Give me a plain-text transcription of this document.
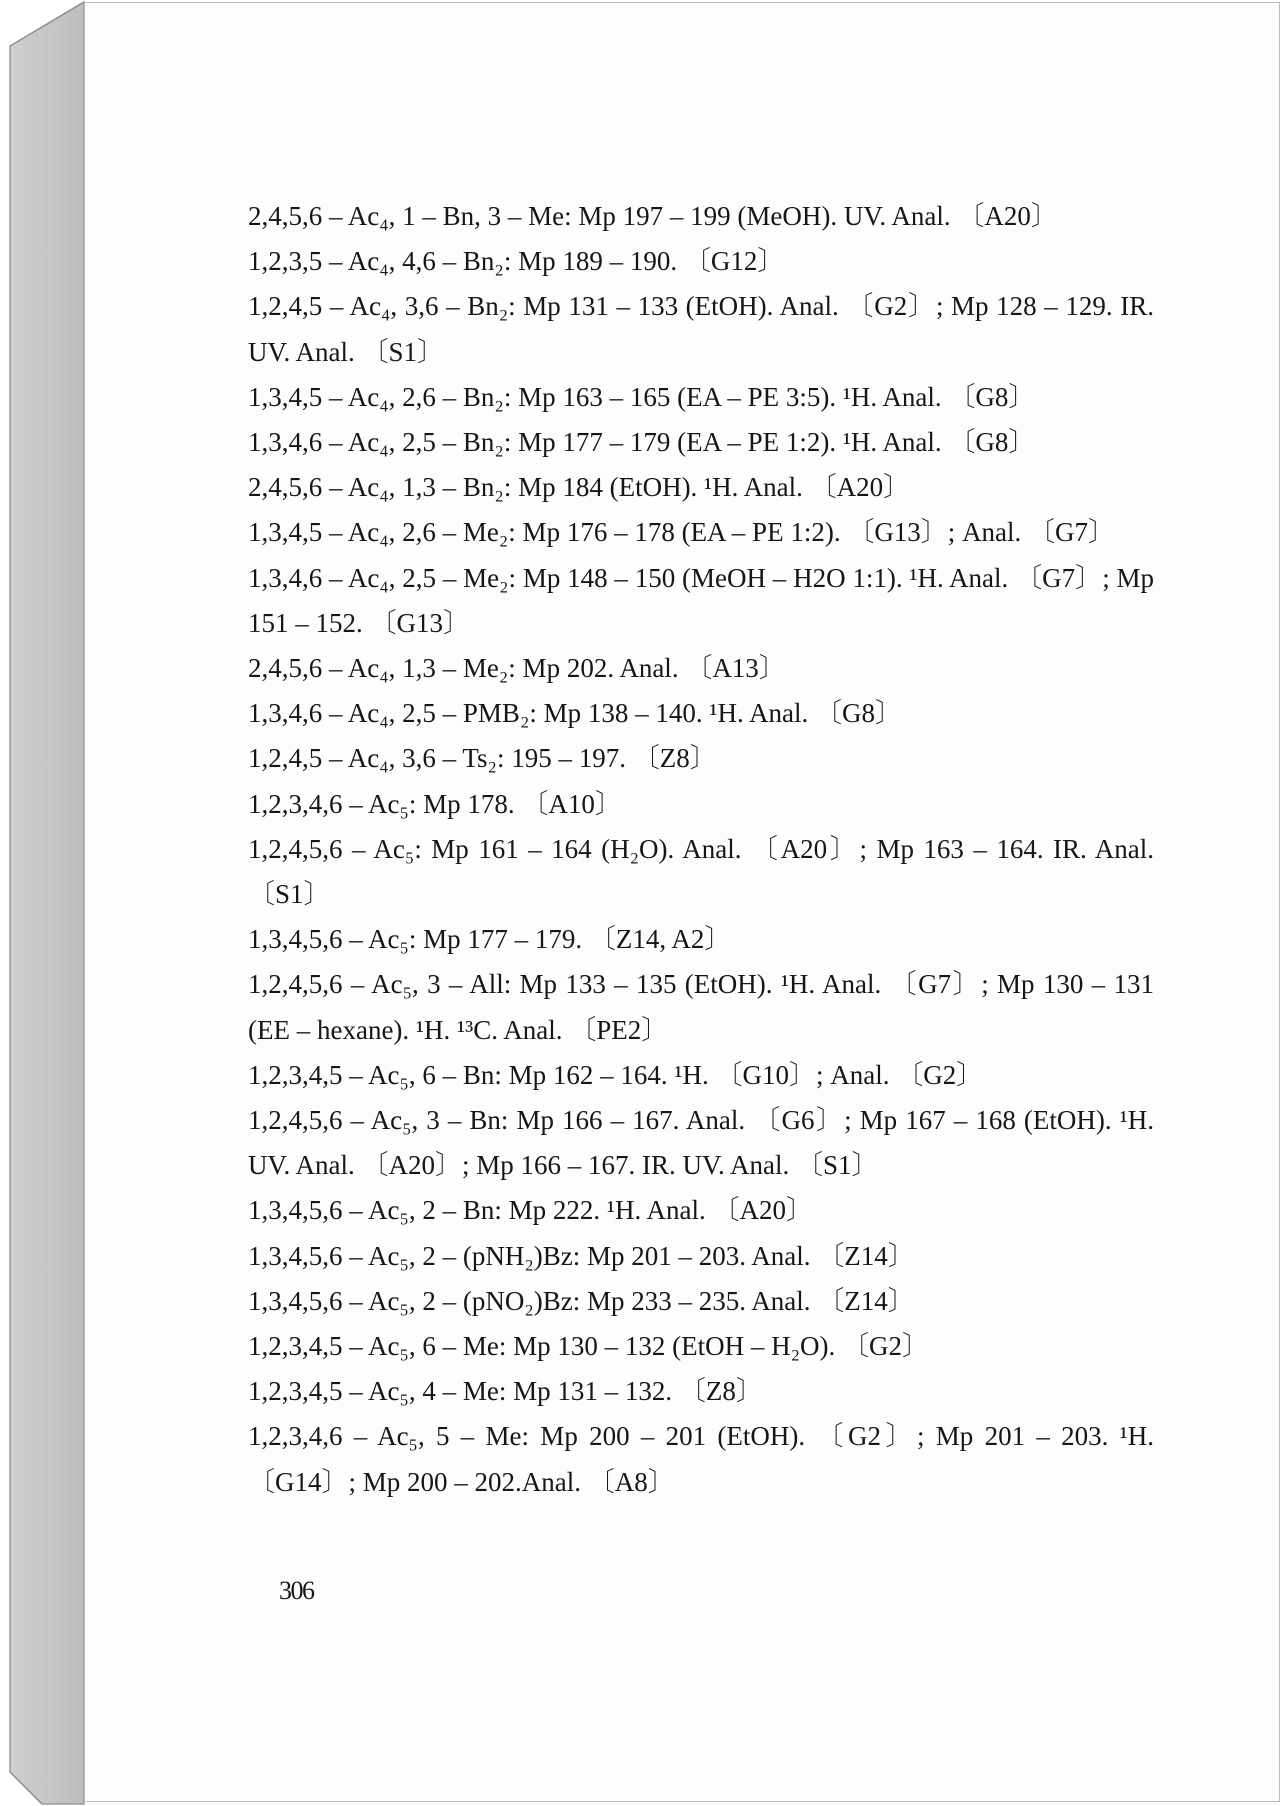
2,4,5,6 – Ac₄, 1 – Bn, 3 – Me: Mp 197 – 199 (MeOH). UV. Anal. 〔A20〕
1,2,3,5 – Ac₄, 4,6 – Bn₂: Mp 189 – 190. 〔G12〕
1,2,4,5 – Ac₄, 3,6 – Bn₂: Mp 131 – 133 (EtOH). Anal. 〔G2〕; Mp 128 – 129. IR. UV. Anal. 〔S1〕
1,3,4,5 – Ac₄, 2,6 – Bn₂: Mp 163 – 165 (EA – PE 3:5). ¹H. Anal. 〔G8〕
1,3,4,6 – Ac₄, 2,5 – Bn₂: Mp 177 – 179 (EA – PE 1:2). ¹H. Anal. 〔G8〕
2,4,5,6 – Ac₄, 1,3 – Bn₂: Mp 184 (EtOH). ¹H. Anal. 〔A20〕
1,3,4,5 – Ac₄, 2,6 – Me₂: Mp 176 – 178 (EA – PE 1:2). 〔G13〕; Anal. 〔G7〕
1,3,4,6 – Ac₄, 2,5 – Me₂: Mp 148 – 150 (MeOH – H2O 1:1). ¹H. Anal. 〔G7〕; Mp 151 – 152. 〔G13〕
2,4,5,6 – Ac₄, 1,3 – Me₂: Mp 202. Anal. 〔A13〕
1,3,4,6 – Ac₄, 2,5 – PMB₂: Mp 138 – 140. ¹H. Anal. 〔G8〕
1,2,4,5 – Ac₄, 3,6 – Ts₂: 195 – 197. 〔Z8〕
1,2,3,4,6 – Ac₅: Mp 178. 〔A10〕
1,2,4,5,6 – Ac₅: Mp 161 – 164 (H₂O). Anal. 〔A20〕; Mp 163 – 164. IR. Anal. 〔S1〕
1,3,4,5,6 – Ac₅: Mp 177 – 179. 〔Z14, A2〕
1,2,4,5,6 – Ac₅, 3 – All: Mp 133 – 135 (EtOH). ¹H. Anal. 〔G7〕; Mp 130 – 131 (EE – hexane). ¹H. ¹³C. Anal. 〔PE2〕
1,2,3,4,5 – Ac₅, 6 – Bn: Mp 162 – 164. ¹H. 〔G10〕; Anal. 〔G2〕
1,2,4,5,6 – Ac₅, 3 – Bn: Mp 166 – 167. Anal. 〔G6〕; Mp 167 – 168 (EtOH). ¹H. UV. Anal. 〔A20〕; Mp 166 – 167. IR. UV. Anal. 〔S1〕
1,3,4,5,6 – Ac₅, 2 – Bn: Mp 222. ¹H. Anal. 〔A20〕
1,3,4,5,6 – Ac₅, 2 – (pNH₂)Bz: Mp 201 – 203. Anal. 〔Z14〕
1,3,4,5,6 – Ac₅, 2 – (pNO₂)Bz: Mp 233 – 235. Anal. 〔Z14〕
1,2,3,4,5 – Ac₅, 6 – Me: Mp 130 – 132 (EtOH – H₂O). 〔G2〕
1,2,3,4,5 – Ac₅, 4 – Me: Mp 131 – 132. 〔Z8〕
1,2,3,4,6 – Ac₅, 5 – Me: Mp 200 – 201 (EtOH). 〔G2〕; Mp 201 – 203. ¹H. 〔G14〕; Mp 200 – 202.Anal. 〔A8〕
306
